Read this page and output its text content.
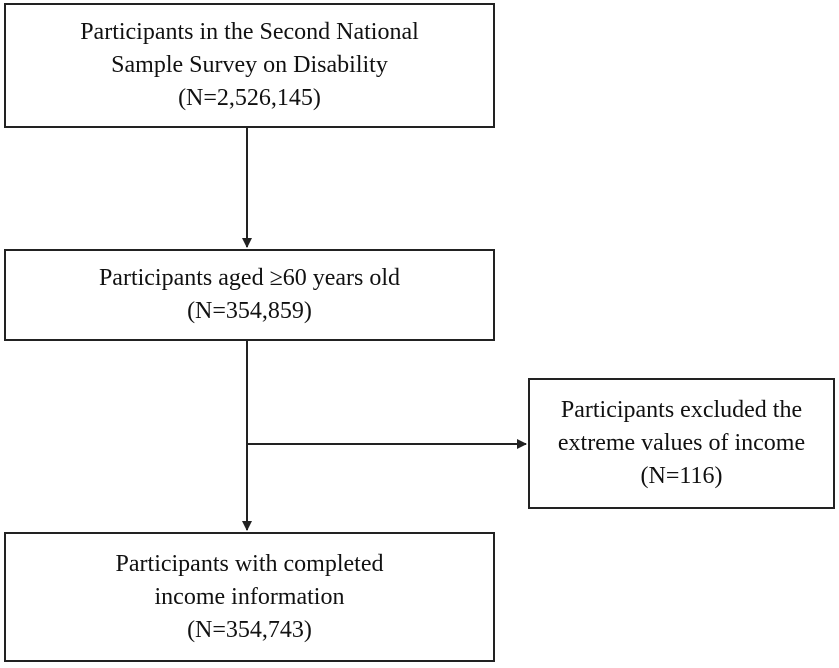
Participants in the Second National
Sample Survey on Disability
(N=2,526,145)
Participants aged ≥60 years old
(N=354,859)
Participants excluded the
extreme values of income
(N=116)
Participants with completed
income information
(N=354,743)
